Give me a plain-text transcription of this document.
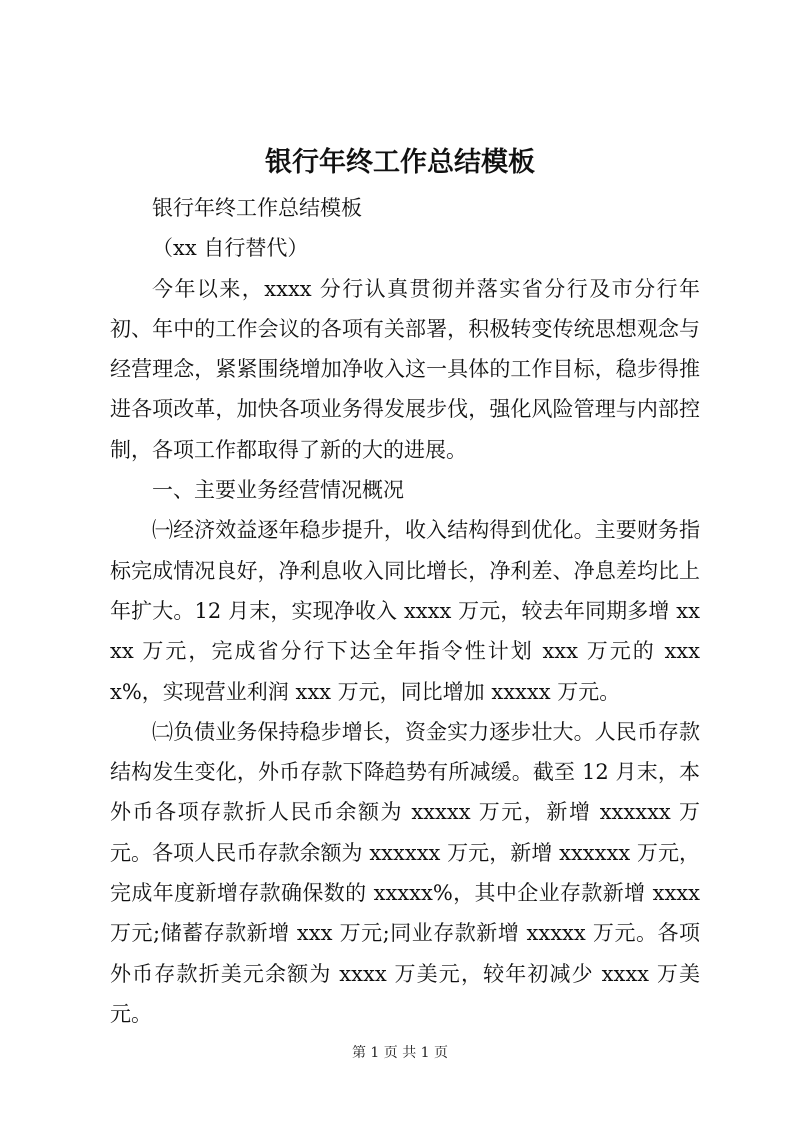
银行年终工作总结模板

银行年终工作总结模板

（xx 自行替代）

今年以来，xxxx 分行认真贯彻并落实省分行及市分行年初、年中的工作会议的各项有关部署，积极转变传统思想观念与经营理念，紧紧围绕增加净收入这一具体的工作目标，稳步得推进各项改革，加快各项业务得发展步伐，强化风险管理与内部控制，各项工作都取得了新的大的进展。

一、主要业务经营情况概况

㈠经济效益逐年稳步提升，收入结构得到优化。主要财务指标完成情况良好，净利息收入同比增长，净利差、净息差均比上年扩大。12 月末，实现净收入 xxxx 万元，较去年同期多增 xxxx 万元，完成省分行下达全年指令性计划 xxx 万元的 xxxx%，实现营业利润 xxx 万元，同比增加 xxxxx 万元。

㈡负债业务保持稳步增长，资金实力逐步壮大。人民币存款结构发生变化，外币存款下降趋势有所减缓。截至 12 月末，本外币各项存款折人民币余额为 xxxxx 万元，新增 xxxxxx 万元。各项人民币存款余额为 xxxxxx 万元，新增 xxxxxx 万元，完成年度新增存款确保数的 xxxxx%，其中企业存款新增 xxxx 万元;储蓄存款新增 xxx 万元;同业存款新增 xxxxx 万元。各项外币存款折美元余额为 xxxx 万美元，较年初减少 xxxx 万美元。

第 1 页 共 1 页
